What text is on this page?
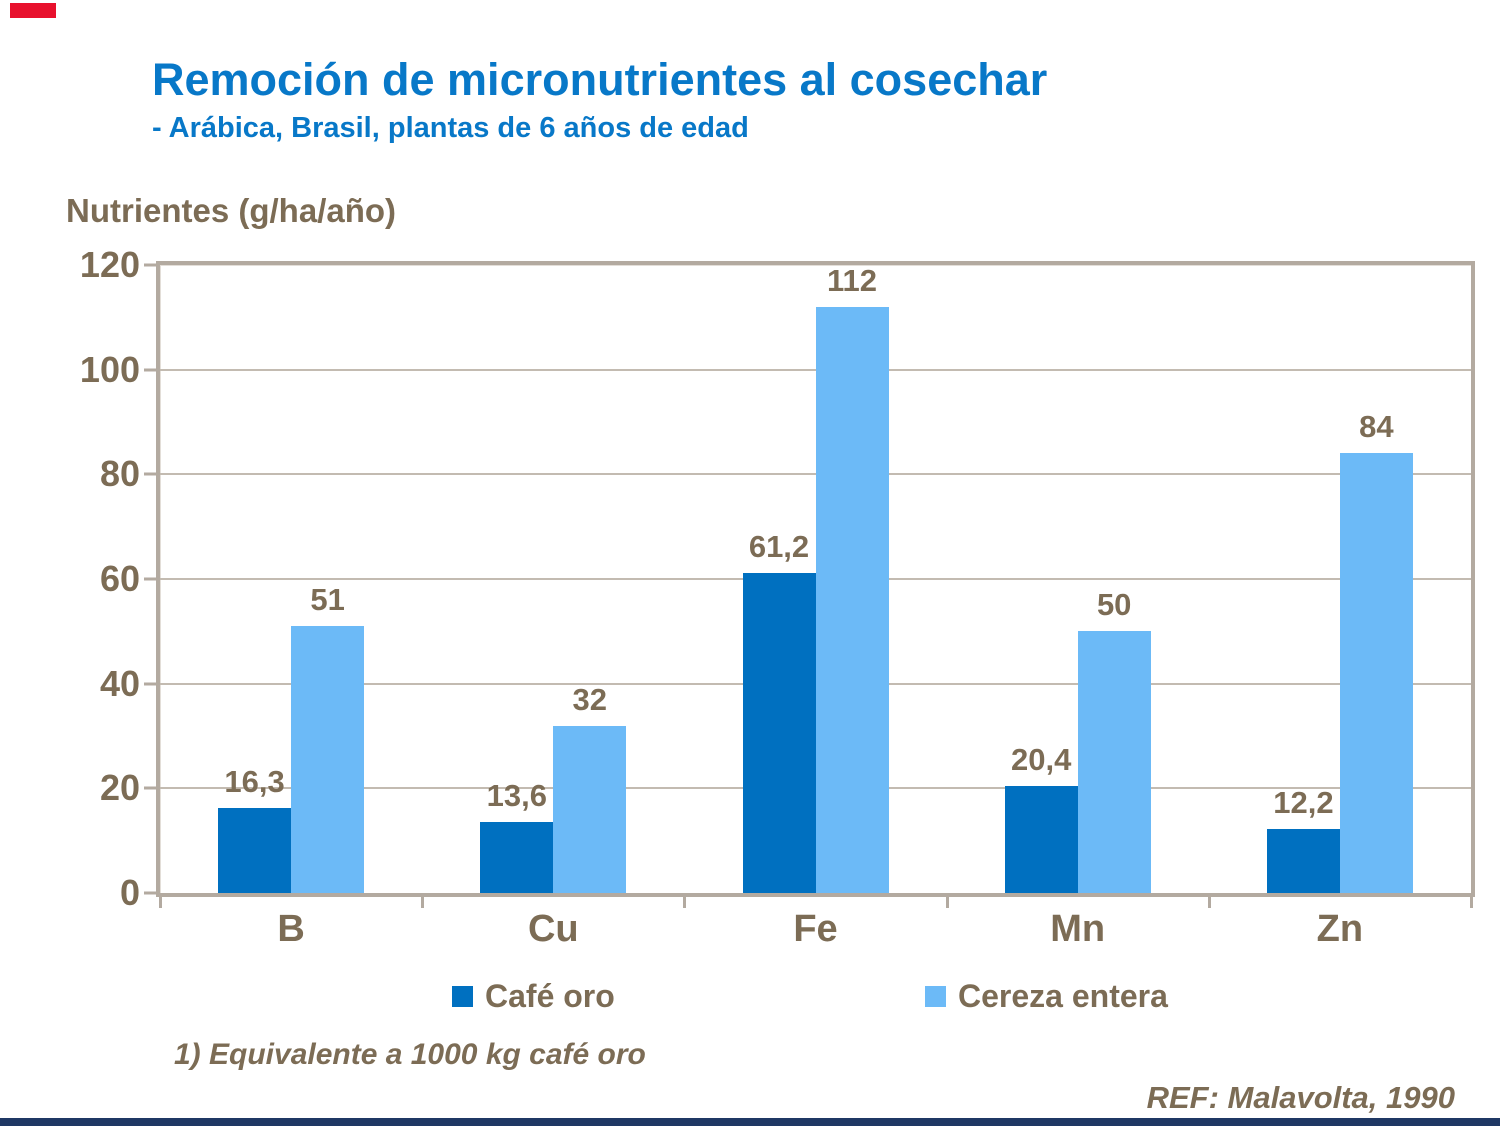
Remoción de micronutrientes al cosechar
- Arábica, Brasil, plantas de 6 años de edad
Nutrientes (g/ha/año)
16,3	13,6
61,2
20,4
12,2
51
32
112
50
84
0
20
40
60
80
100
120
B	Cu	Fe	Mn	Zn
Café oro	Cereza entera
1) Equivalente a 1000 kg café oro
REF: Malavolta, 1990
